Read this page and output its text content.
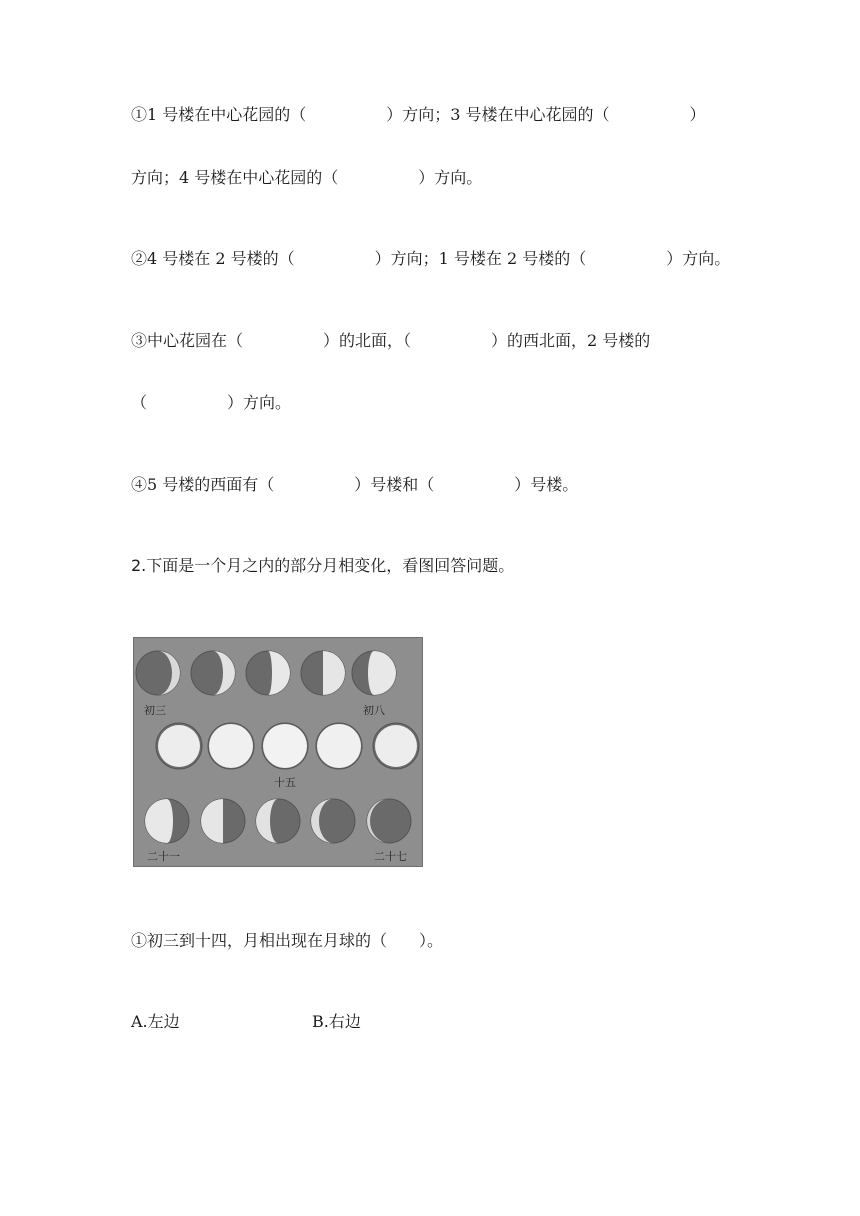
①1 号楼在中心花园的（　　　　　）方向；3 号楼在中心花园的（　　　　　）
方向；4 号楼在中心花园的（　　　　　）方向。
②4 号楼在 2 号楼的（　　　　　）方向；1 号楼在 2 号楼的（　　　　　）方向。
③中心花园在（　　　　　）的北面，（　　　　　）的西北面，2 号楼的
（　　　　　）方向。
④5 号楼的西面有（　　　　　）号楼和（　　　　　）号楼。
2.下面是一个月之内的部分月相变化，看图回答问题。
初三	初八
十五
二十一	二十七
①初三到十四，月相出现在月球的（　　）。
A.左边	B.右边
